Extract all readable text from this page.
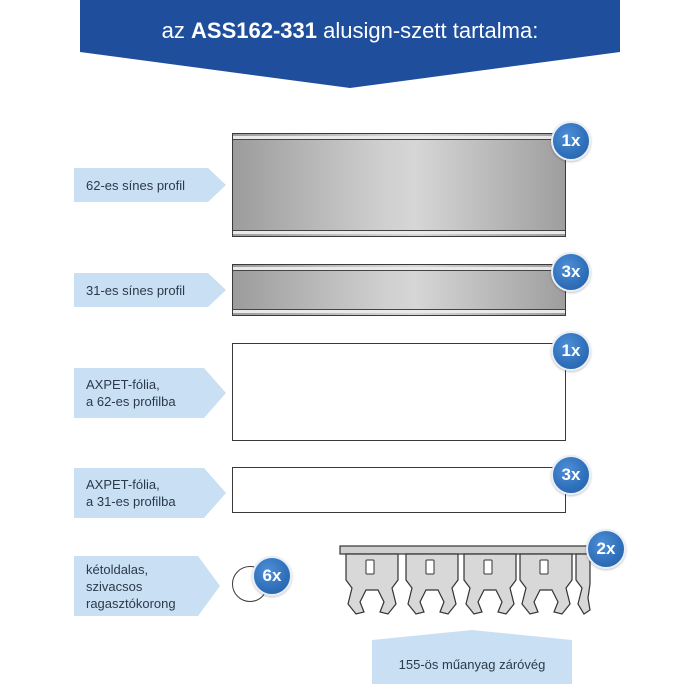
az ASS162-331 alusign-szett tartalma:
62-es sínes profil
1x
31-es sínes profil
3x
AXPET-fólia,
a 62-es profilba
1x
AXPET-fólia,
a 31-es profilba
3x
kétoldalas,
szivacsos
ragasztókorong
6x
2x
155-ös műanyag záróvég
